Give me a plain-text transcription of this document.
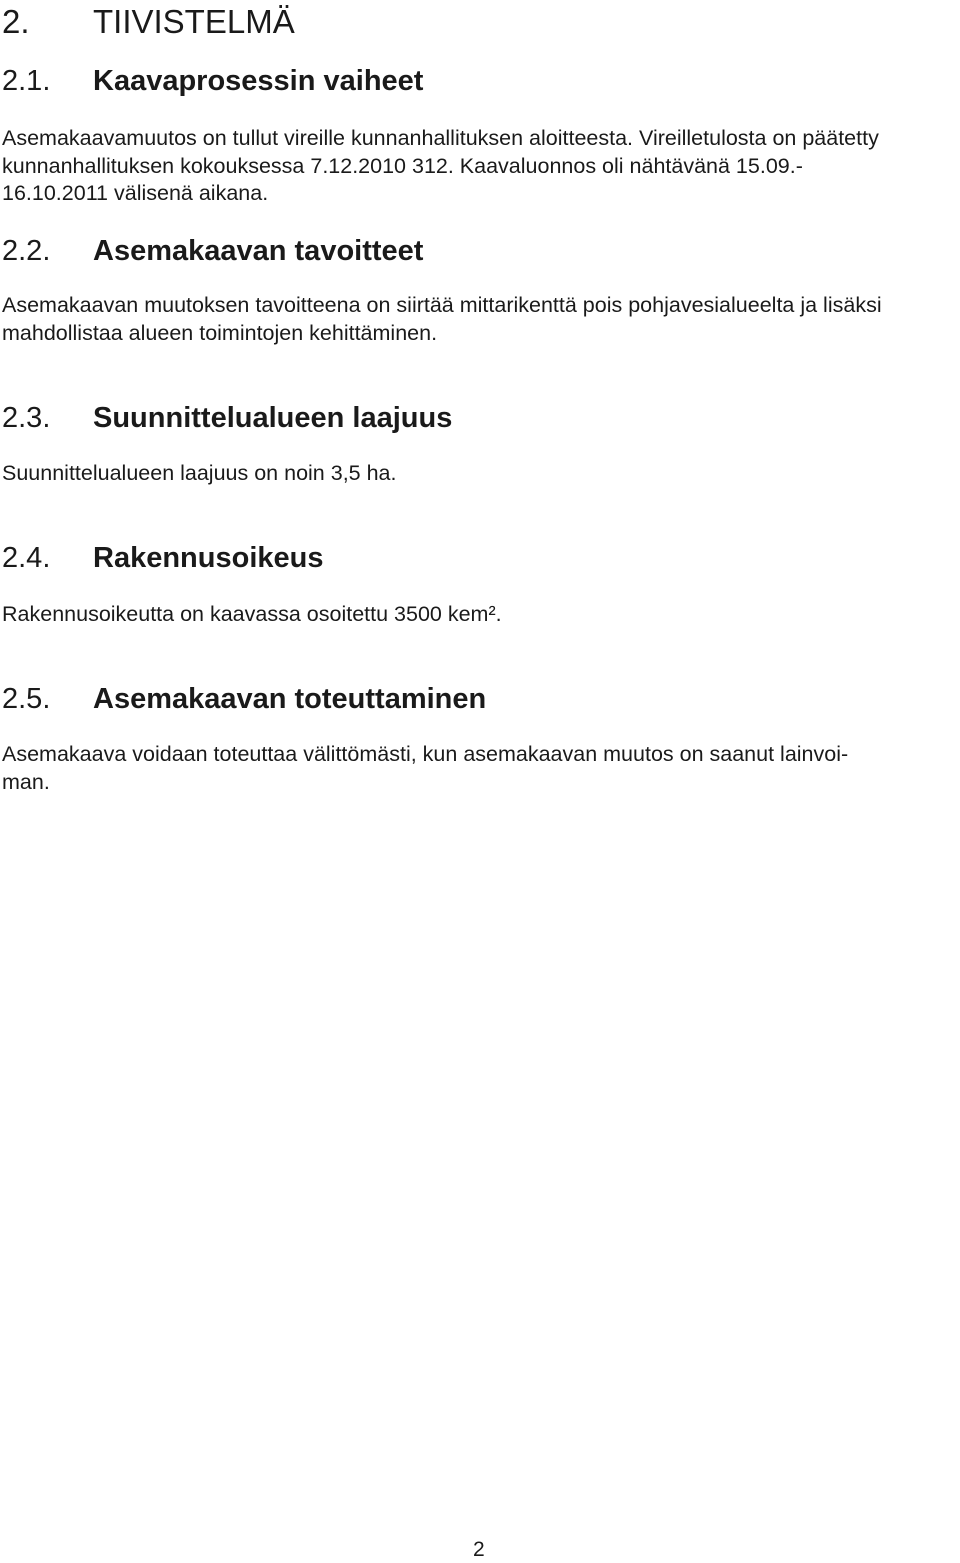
2. TIIVISTELMÄ
2.1. Kaavaprosessin vaiheet
Asemakaavamuutos on tullut vireille kunnanhallituksen aloitteesta. Vireilletulosta on päätetty
kunnanhallituksen kokouksessa 7.12.2010 312. Kaavaluonnos oli nähtävänä 15.09.-
16.10.2011 välisenä aikana.
2.2. Asemakaavan tavoitteet
Asemakaavan muutoksen tavoitteena on siirtää mittarikenttä pois pohjavesialueelta ja lisäksi
mahdollistaa alueen toimintojen kehittäminen.
2.3. Suunnittelualueen laajuus
Suunnittelualueen laajuus on noin 3,5 ha.
2.4. Rakennusoikeus
Rakennusoikeutta on kaavassa osoitettu 3500 kem².
2.5. Asemakaavan toteuttaminen
Asemakaava voidaan toteuttaa välittömästi, kun asemakaavan muutos on saanut lainvoi-
man.
2
